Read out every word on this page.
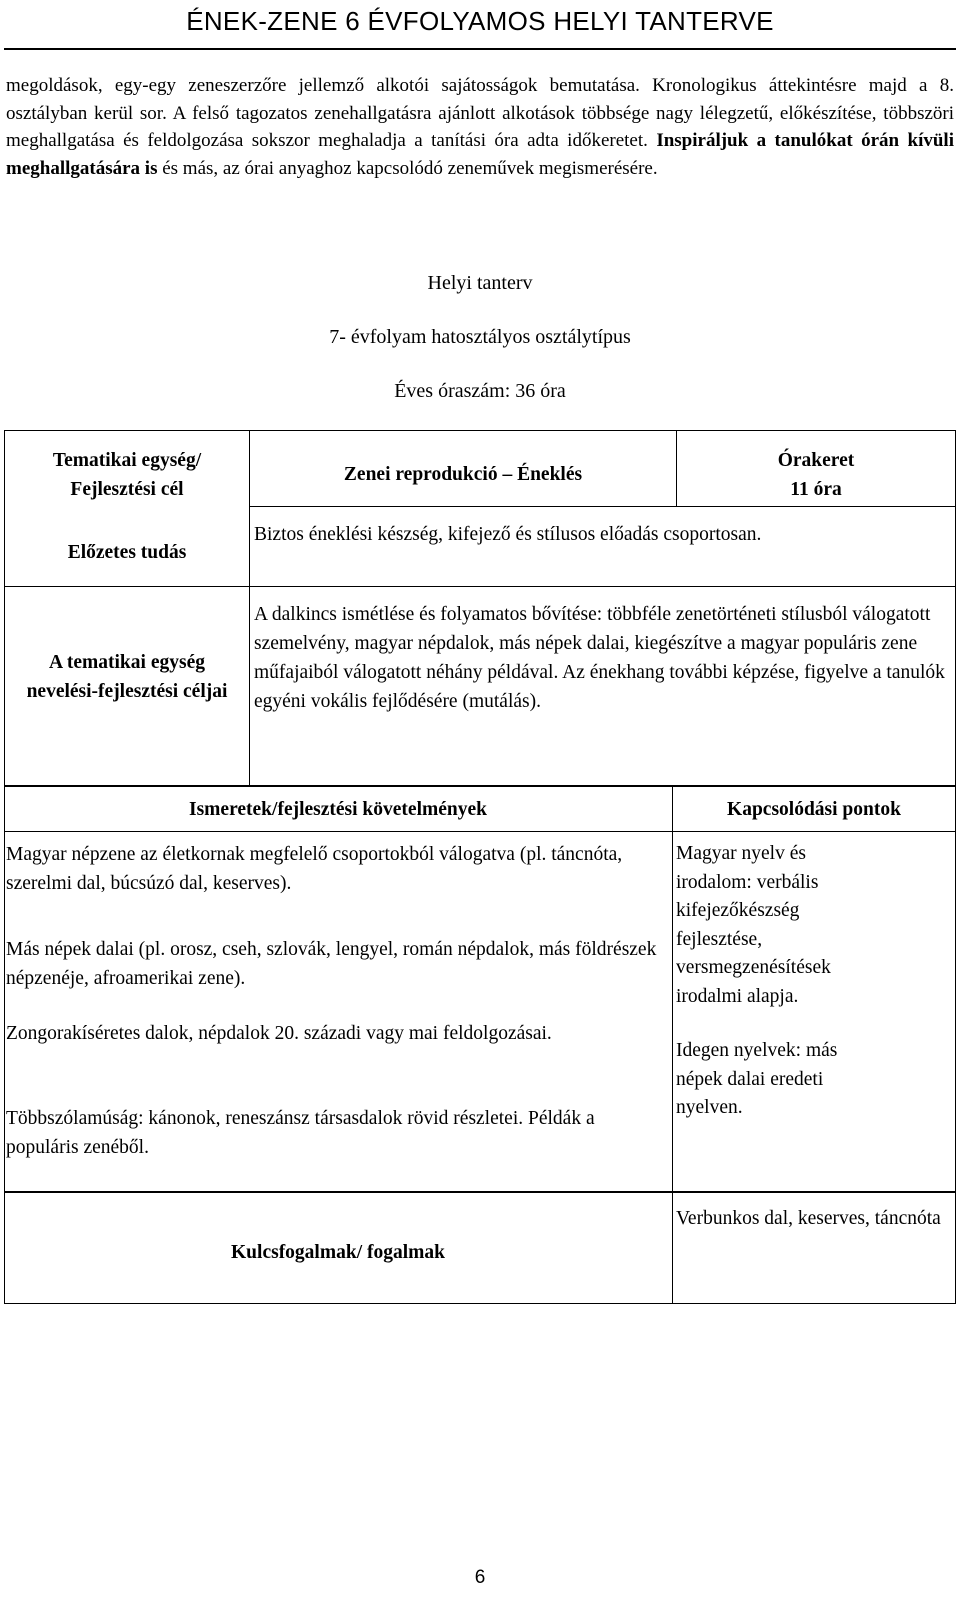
ÉNEK-ZENE 6 ÉVFOLYAMOS HELYI TANTERVE
megoldások, egy-egy zeneszerzőre jellemző alkotói sajátosságok bemutatása. Kronologikus áttekintésre majd a 8. osztályban kerül sor. A felső tagozatos zenehallgatásra ajánlott alkotások többsége nagy lélegzetű, előkészítése, többszöri meghallgatása és feldolgozása sokszor meghaladja a tanítási óra adta időkeretet. Inspiráljuk a tanulókat órán kívüli meghallgatására is és más, az órai anyaghoz kapcsolódó zeneművek megismerésére.
Helyi tanterv
7- évfolyam hatosztályos osztálytípus
Éves óraszám: 36 óra
Tematikai egység/ Fejlesztési cél
Zenei reprodukció – Éneklés
Órakeret
11 óra
Előzetes tudás
Biztos éneklési készség, kifejező és stílusos előadás csoportosan.
A tematikai egység nevelési-fejlesztési céljai
A dalkincs ismétlése és folyamatos bővítése: többféle zenetörténeti stílusból válogatott szemelvény, magyar népdalok, más népek dalai, kiegészítve a magyar populáris zene műfajaiból válogatott néhány példával. Az énekhang további képzése, figyelve a tanulók egyéni vokális fejlődésére (mutálás).
Ismeretek/fejlesztési követelmények	Kapcsolódási pontok
Magyar népzene az életkornak megfelelő csoportokból válogatva (pl. táncnóta, szerelmi dal, búcsúzó dal, keserves).
Más népek dalai (pl. orosz, cseh, szlovák, lengyel, román népdalok, más földrészek népzenéje, afroamerikai zene).
Zongorakíséretes dalok, népdalok 20. századi vagy mai feldolgozásai.
Többszólamúság: kánonok, reneszánsz társasdalok rövid részletei. Példák a populáris zenéből.
Magyar nyelv és irodalom: verbális kifejezőkészség fejlesztése, versmegzenésítések irodalmi alapja.
Idegen nyelvek: más népek dalai eredeti nyelven.
Kulcsfogalmak/ fogalmak
Verbunkos dal, keserves, táncnóta
6
